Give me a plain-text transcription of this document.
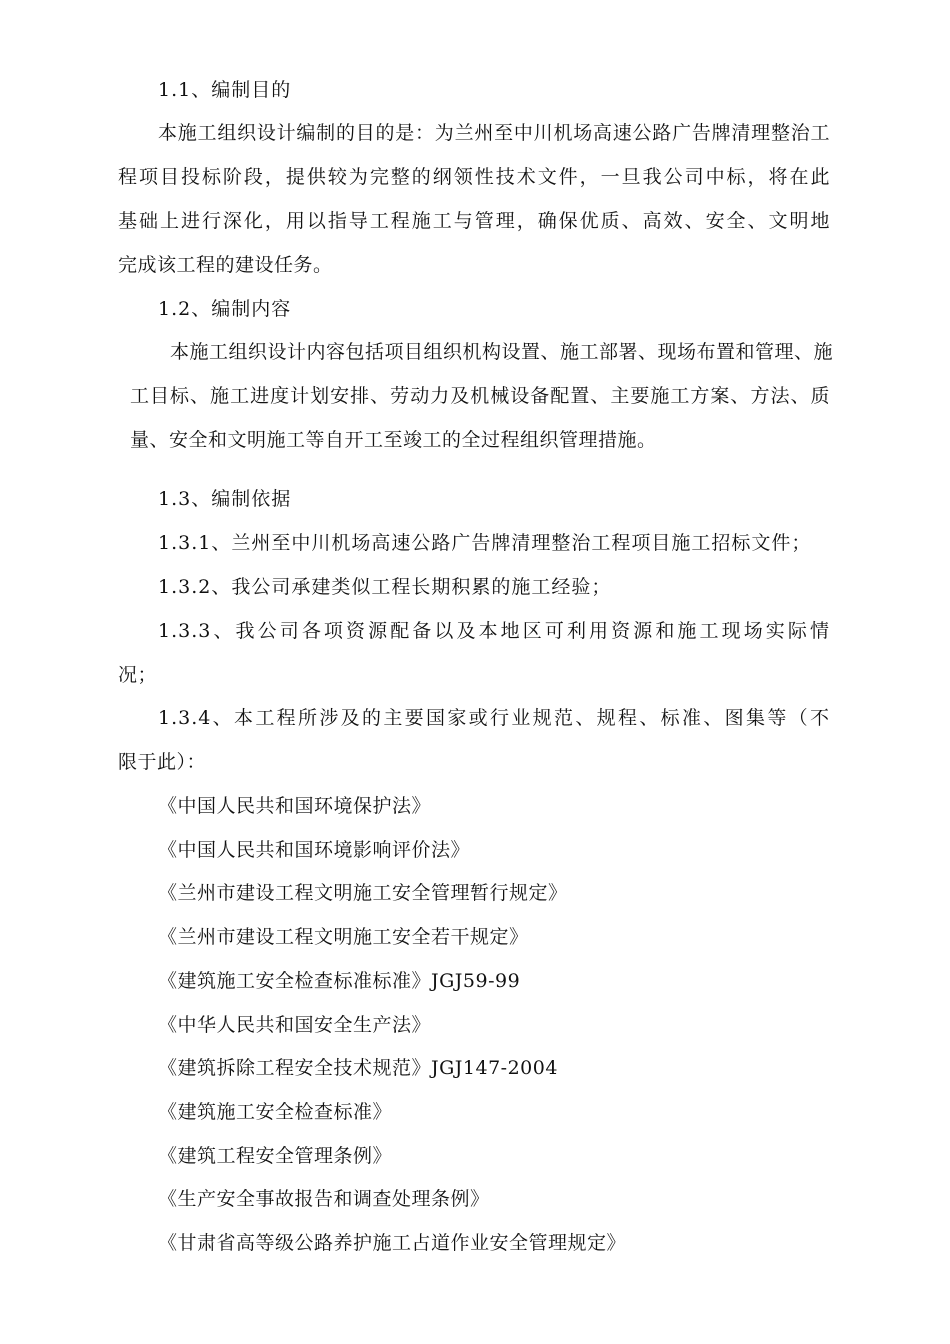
1.1、编制目的
本施工组织设计编制的目的是：为兰州至中川机场高速公路广告牌清理整治工
程项目投标阶段，提供较为完整的纲领性技术文件，一旦我公司中标，将在此
基础上进行深化，用以指导工程施工与管理，确保优质、高效、安全、文明地
完成该工程的建设任务。
1.2、编制内容
本施工组织设计内容包括项目组织机构设置、施工部署、现场布置和管理、施
工目标、施工进度计划安排、劳动力及机械设备配置、主要施工方案、方法、质
量、安全和文明施工等自开工至竣工的全过程组织管理措施。
1.3、编制依据
1.3.1、兰州至中川机场高速公路广告牌清理整治工程项目施工招标文件；
1.3.2、我公司承建类似工程长期积累的施工经验；
1.3.3、我公司各项资源配备以及本地区可利用资源和施工现场实际情
况；
1.3.4、本工程所涉及的主要国家或行业规范、规程、标准、图集等（不
限于此）：
《中国人民共和国环境保护法》
《中国人民共和国环境影响评价法》
《兰州市建设工程文明施工安全管理暂行规定》
《兰州市建设工程文明施工安全若干规定》
《建筑施工安全检查标准标准》JGJ59-99
《中华人民共和国安全生产法》
《建筑拆除工程安全技术规范》JGJ147-2004
《建筑施工安全检查标准》
《建筑工程安全管理条例》
《生产安全事故报告和调查处理条例》
《甘肃省高等级公路养护施工占道作业安全管理规定》
